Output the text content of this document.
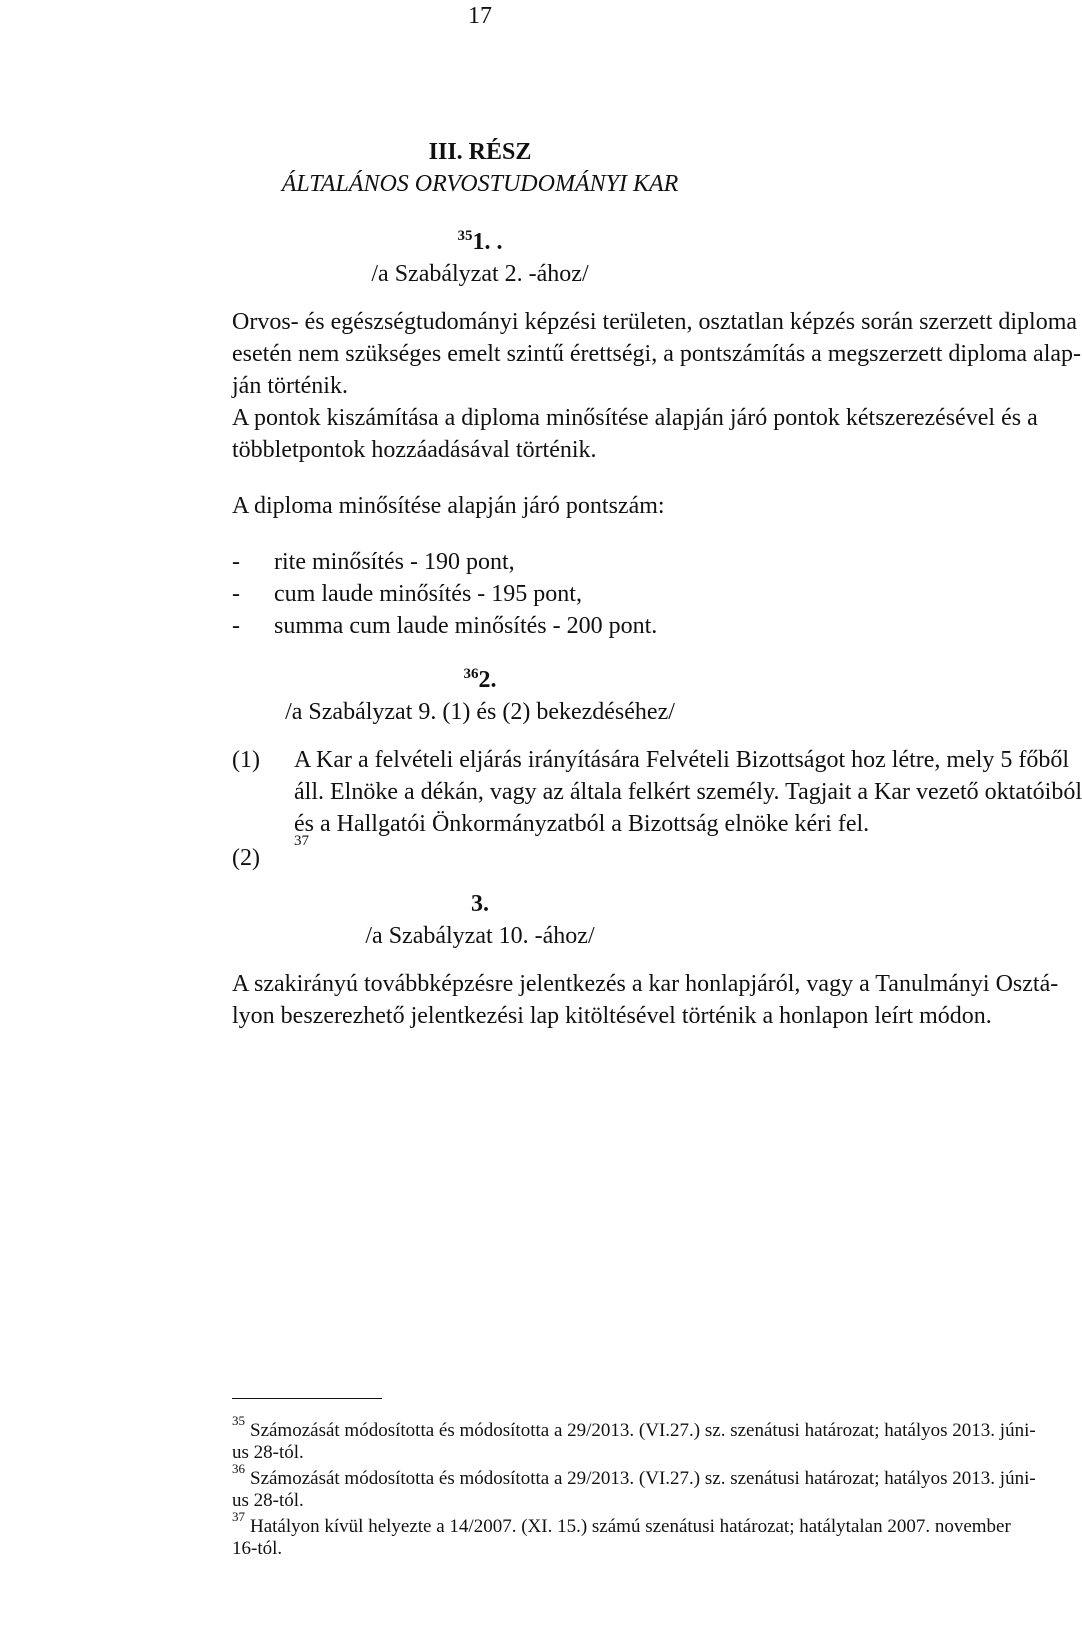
17
III. RÉSZ
ÁLTALÁNOS ORVOSTUDOMÁNYI KAR
$^{35}$1. .
/a Szabályzat 2. -ához/
Orvos- és egészségtudományi képzési területen, osztatlan képzés során szerzett diploma
esetén nem szükséges emelt szintű érettségi, a pontszámítás a megszerzett diploma alap-
ján történik.
A pontok kiszámítása a diploma minősítése alapján járó pontok kétszerezésével és a
többletpontok hozzáadásával történik.
A diploma minősítése alapján járó pontszám:
- rite minősítés - 190 pont,
- cum laude minősítés - 195 pont,
- summa cum laude minősítés - 200 pont.
$^{36}$2.
/a Szabályzat 9. (1) és (2) bekezdéséhez/
(1) A Kar a felvételi eljárás irányítására Felvételi Bizottságot hoz létre, mely 5 főből
áll. Elnöke a dékán, vagy az általa felkért személy. Tagjait a Kar vezető oktatóiból
és a Hallgatói Önkormányzatból a Bizottság elnöke kéri fel.
(2)
37
3.
/a Szabályzat 10. -ához/
A szakirányú továbbképzésre jelentkezés a kar honlapjáról, vagy a Tanulmányi Osztá-
lyon beszerezhető jelentkezési lap kitöltésével történik a honlapon leírt módon.
$^{35}$ Számozását módosította és módosította a 29/2013. (VI.27.) sz. szenátusi határozat; hatályos 2013. júni-
us 28-tól.
$^{36}$ Számozását módosította és módosította a 29/2013. (VI.27.) sz. szenátusi határozat; hatályos 2013. júni-
us 28-tól.
$^{37}$ Hatályon kívül helyezte a 14/2007. (XI. 15.) számú szenátusi határozat; hatálytalan 2007. november
16-tól.
